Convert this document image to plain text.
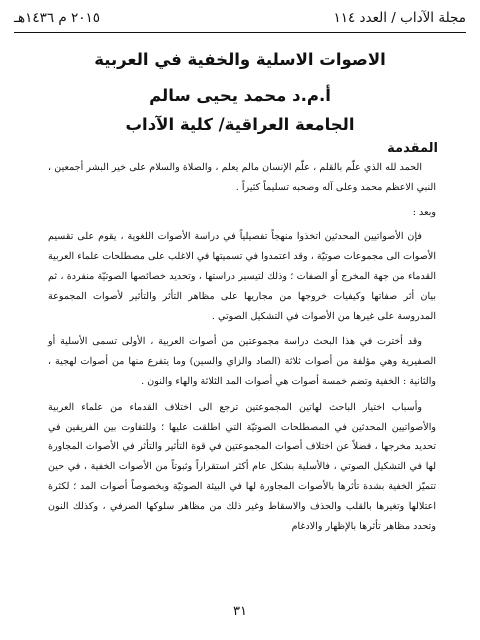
مجلة الآداب / العدد ١١٤
٢٠١٥ م ١٤٣٦هـ
الاصوات الاسلية والخفية في العربية
أ.م.د محمد يحيى سالم
الجامعة العراقية/ كلية الآداب
المقدمة

الحمد لله الذي علّم بالقلم ، علّم الإنسان مالم يعلم ، والصلاة والسلام على خير البشر أجمعين ، النبي الاعظم محمد وعلى آله وصحبه تسليماً كثيراً .

وبعد :

فإن الأصواتيين المحدثين اتخذوا منهجاً تفصيلياً في دراسة الأصوات اللغوية ، يقوم على تقسيم الأصوات الى مجموعات صوتيّة ، وقد اعتمدوا في تسميتها في الاغلب على مصطلحات علماء العربية القدماء من جهة المخرج أو الصفات ؛ وذلك لتيسير دراستها ، وتحديد خصائصها الصوتيّة منفردة ، ثم بيان أثر صفاتها وكيفيات خروجها من مجاريها على مظاهر التأثر والتأثير لأصوات المجموعة المدروسة على غيرها من الأصوات في التشكيل الصوتي .

وقد أخترت في هذا البحث دراسة مجموعتين من أصوات العربية ، الأولى تسمى الأسلية أو الصفيرية وهي مؤلفة من أصوات ثلاثة (الصاد والزاي والسين) وما يتفرع منها من أصوات لهجية ، والثانية : الخفية وتضم خمسة أصوات هي أصوات المد الثلاثة والهاء والنون .

وأسباب اختيار الباحث لهاتين المجموعتين ترجع الى اختلاف القدماء من علماء العربية والأصواتيين المحدثين في المصطلحات الصوتيّة التي اطلقت عليها ؛ وللتفاوت بين الفريقين في تحديد مخرجها ، فضلاً عن اختلاف أصوات المجموعتين في قوة التأثير والتأثر في الأصوات المجاورة لها في التشكيل الصوتي ، فالأسلية بشكل عام أكثر استقراراً وثبوتاً من الأصوات الخفية ، في حين تتميّز الخفية بشدة تأثرها بالأصوات المجاورة لها في البيئة الصوتيّة وبخصوصاً أصوات المد ؛ لكثرة اعتلالها وتغيرها بالقلب والحذف والاسقاط وغير ذلك من مظاهر سلوكها الصرفي ، وكذلك النون وتحدد مظاهر تأثرها بالإظهار والادغام

٣١
